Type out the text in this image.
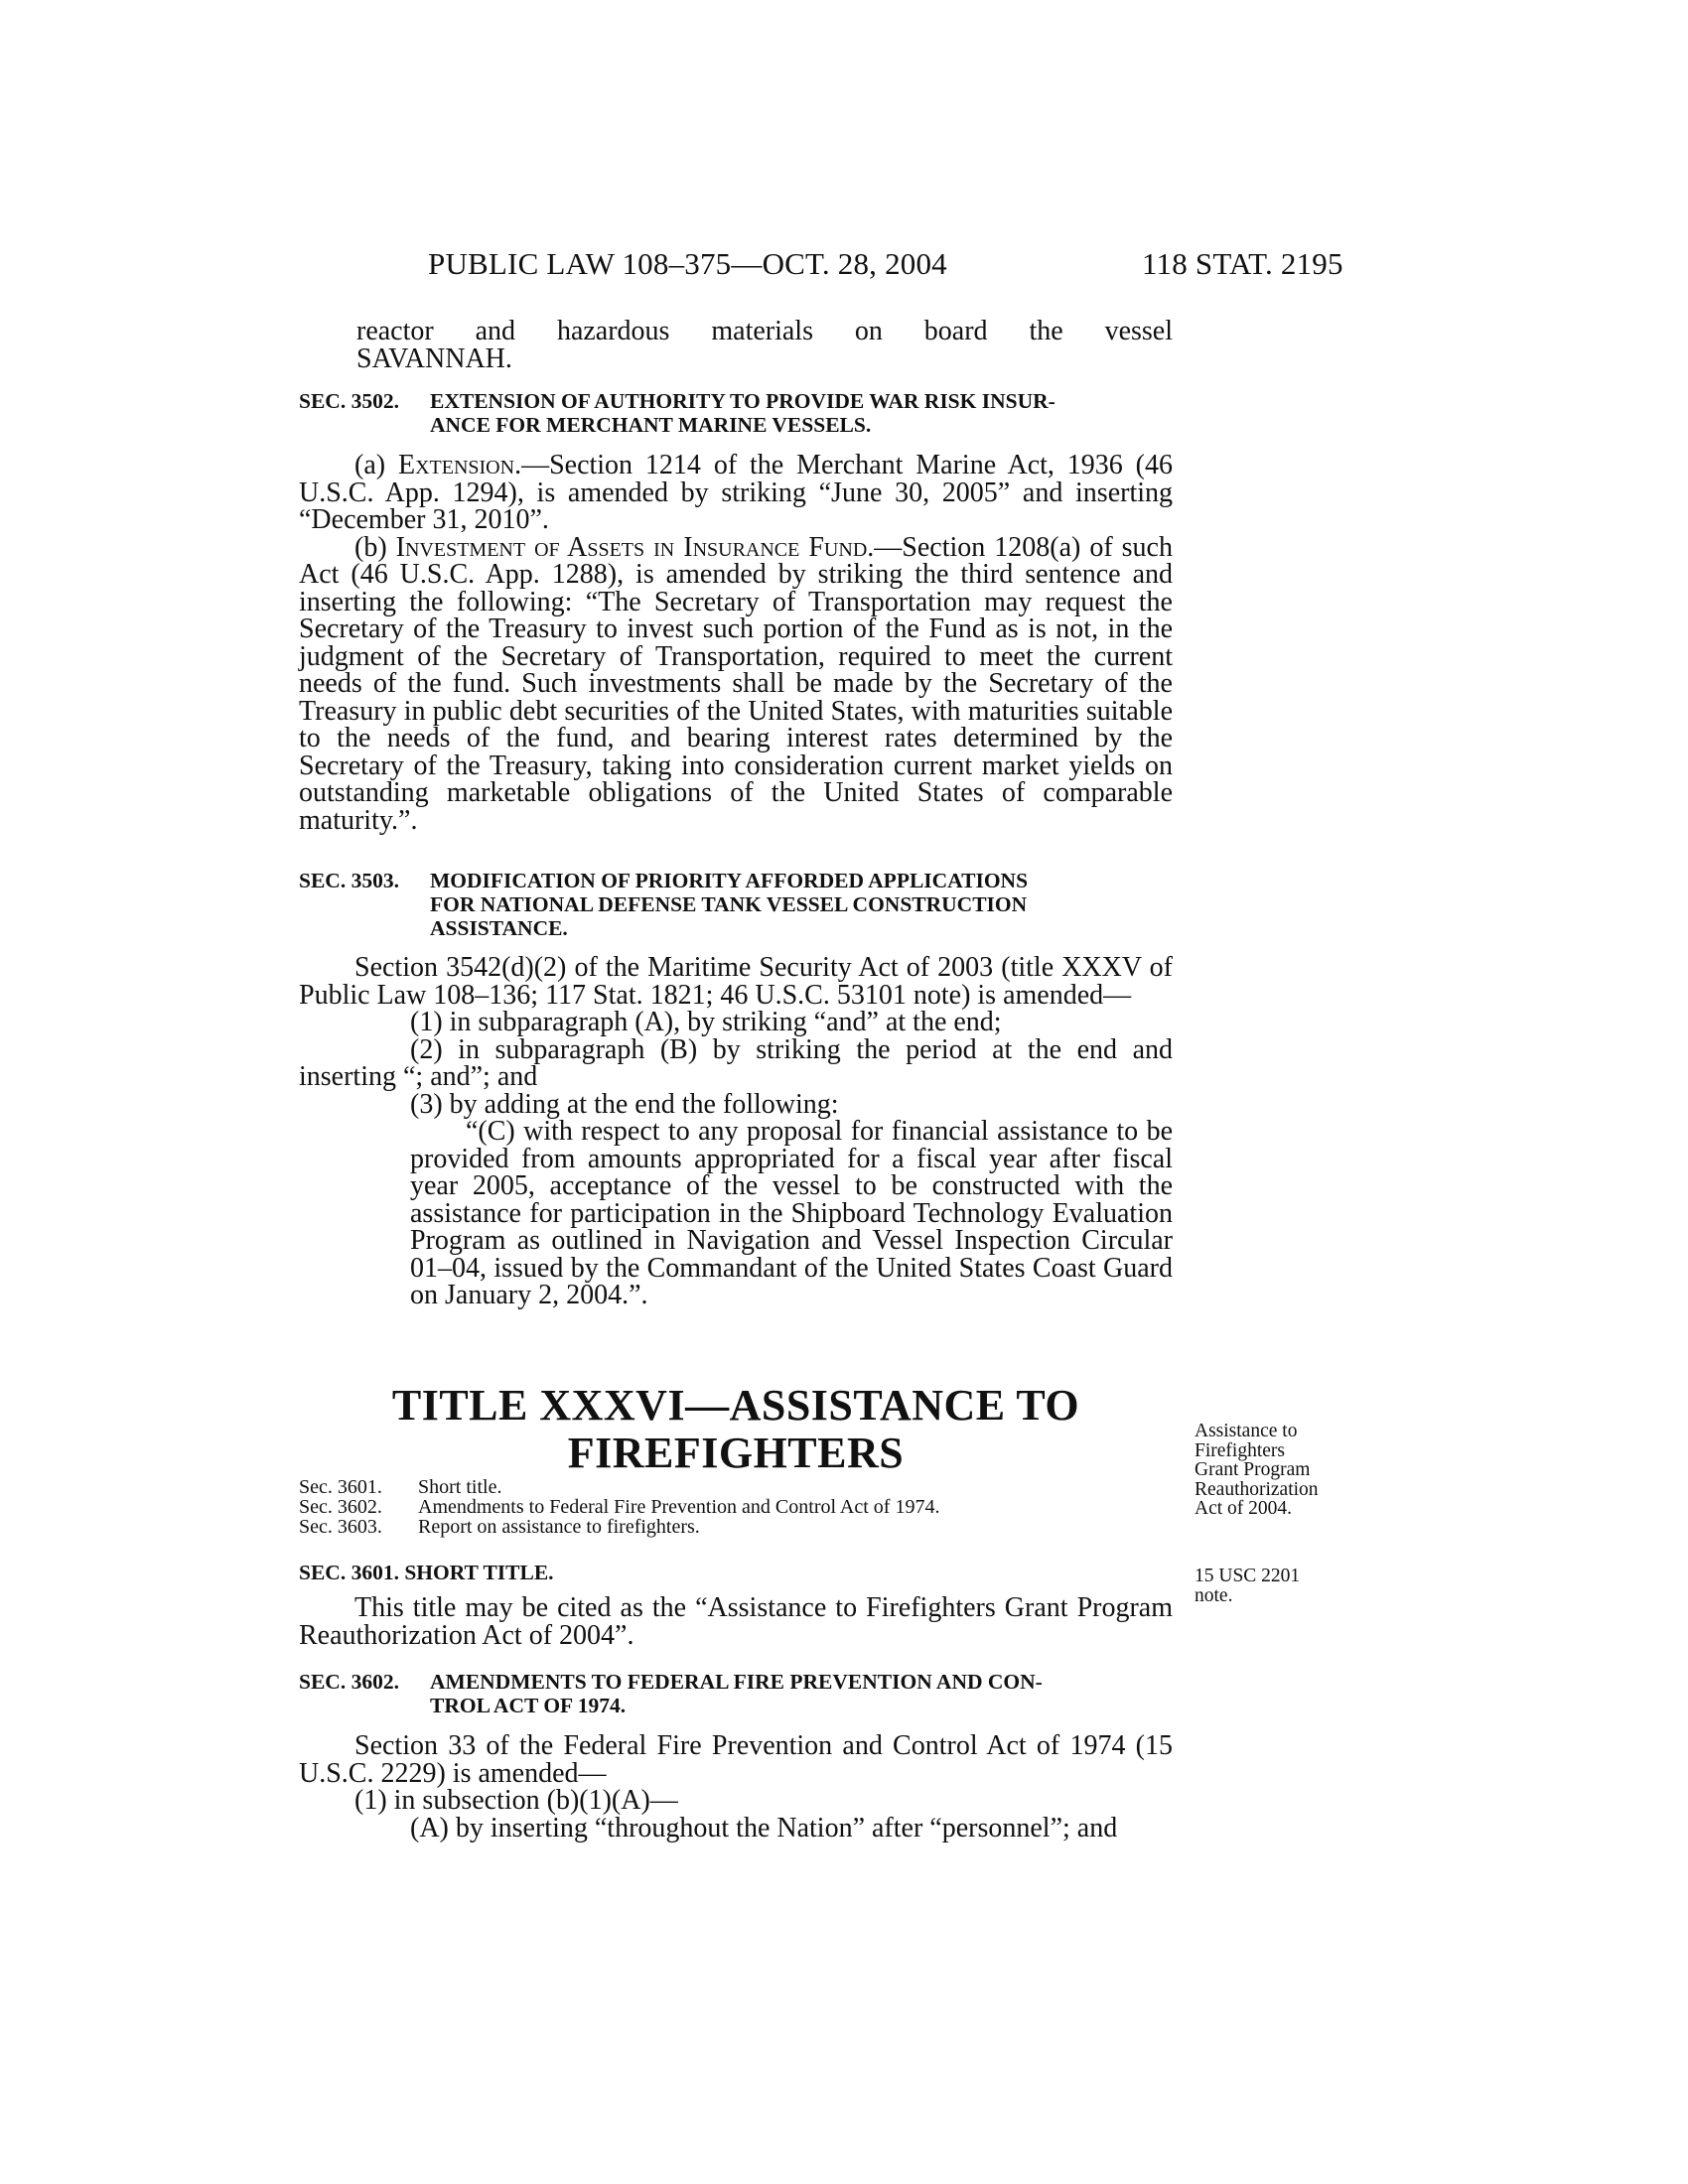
PUBLIC LAW 108–375—OCT. 28, 2004	118 STAT. 2195

reactor and hazardous materials on board the vessel

SAVANNAH.

SEC. 3502. EXTENSION OF AUTHORITY TO PROVIDE WAR RISK INSUR-
ANCE FOR MERCHANT MARINE VESSELS.

(a) Extension.—Section 1214 of the Merchant Marine Act, 1936 (46 U.S.C. App. 1294), is amended by striking “June 30, 2005” and inserting “December 31, 2010”.

(b) Investment of Assets in Insurance Fund.—Section 1208(a) of such Act (46 U.S.C. App. 1288), is amended by striking the third sentence and inserting the following: “The Secretary of Transportation may request the Secretary of the Treasury to invest such portion of the Fund as is not, in the judgment of the Secretary of Transportation, required to meet the current needs of the fund. Such investments shall be made by the Secretary of the Treasury in public debt securities of the United States, with maturities suitable to the needs of the fund, and bearing interest rates determined by the Secretary of the Treasury, taking into consideration current market yields on outstanding marketable obligations of the United States of comparable maturity.”.

SEC. 3503. MODIFICATION OF PRIORITY AFFORDED APPLICATIONS
FOR NATIONAL DEFENSE TANK VESSEL CONSTRUCTION
ASSISTANCE.

Section 3542(d)(2) of the Maritime Security Act of 2003 (title XXXV of Public Law 108–136; 117 Stat. 1821; 46 U.S.C. 53101 note) is amended—

(1) in subparagraph (A), by striking “and” at the end;

(2) in subparagraph (B) by striking the period at the end and inserting “; and”; and

(3) by adding at the end the following:

“(C) with respect to any proposal for financial assistance to be provided from amounts appropriated for a fiscal year after fiscal year 2005, acceptance of the vessel to be constructed with the assistance for participation in the Shipboard Technology Evaluation Program as outlined in Navigation and Vessel Inspection Circular 01–04, issued by the Commandant of the United States Coast Guard on January 2, 2004.”.

TITLE XXXVI—ASSISTANCE TO
FIREFIGHTERS
Sec. 3601. Short title.
Sec. 3602. Amendments to Federal Fire Prevention and Control Act of 1974.
Sec. 3603. Report on assistance to firefighters.
SEC. 3601. SHORT TITLE.

This title may be cited as the “Assistance to Firefighters Grant Program Reauthorization Act of 2004”.

SEC. 3602. AMENDMENTS TO FEDERAL FIRE PREVENTION AND CON-
TROL ACT OF 1974.

Section 33 of the Federal Fire Prevention and Control Act of 1974 (15 U.S.C. 2229) is amended—

(1) in subsection (b)(1)(A)—

(A) by inserting “throughout the Nation” after “personnel”; and

Assistance to
Firefighters
Grant Program
Reauthorization
Act of 2004.
15 USC 2201
note.
